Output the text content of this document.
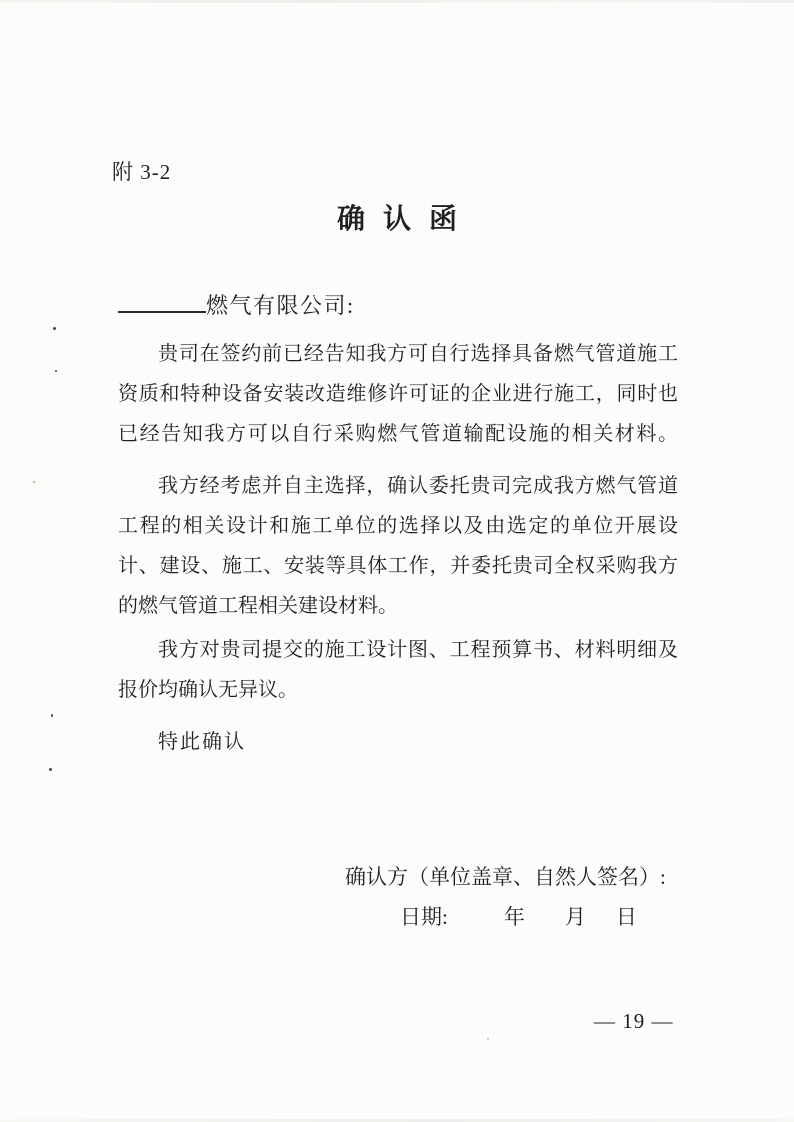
附 3-2
确认函
燃气有限公司:
贵司在签约前已经告知我方可自行选择具备燃气管道施工
资质和特种设备安装改造维修许可证的企业进行施工，同时也
已经告知我方可以自行采购燃气管道输配设施的相关材料。
我方经考虑并自主选择，确认委托贵司完成我方燃气管道
工程的相关设计和施工单位的选择以及由选定的单位开展设
计、建设、施工、安装等具体工作，并委托贵司全权采购我方
的燃气管道工程相关建设材料。
我方对贵司提交的施工设计图、工程预算书、材料明细及
报价均确认无异议。
特此确认
确认方（单位盖章、自然人签名）:
日期:	年 月 日
— 19 —
